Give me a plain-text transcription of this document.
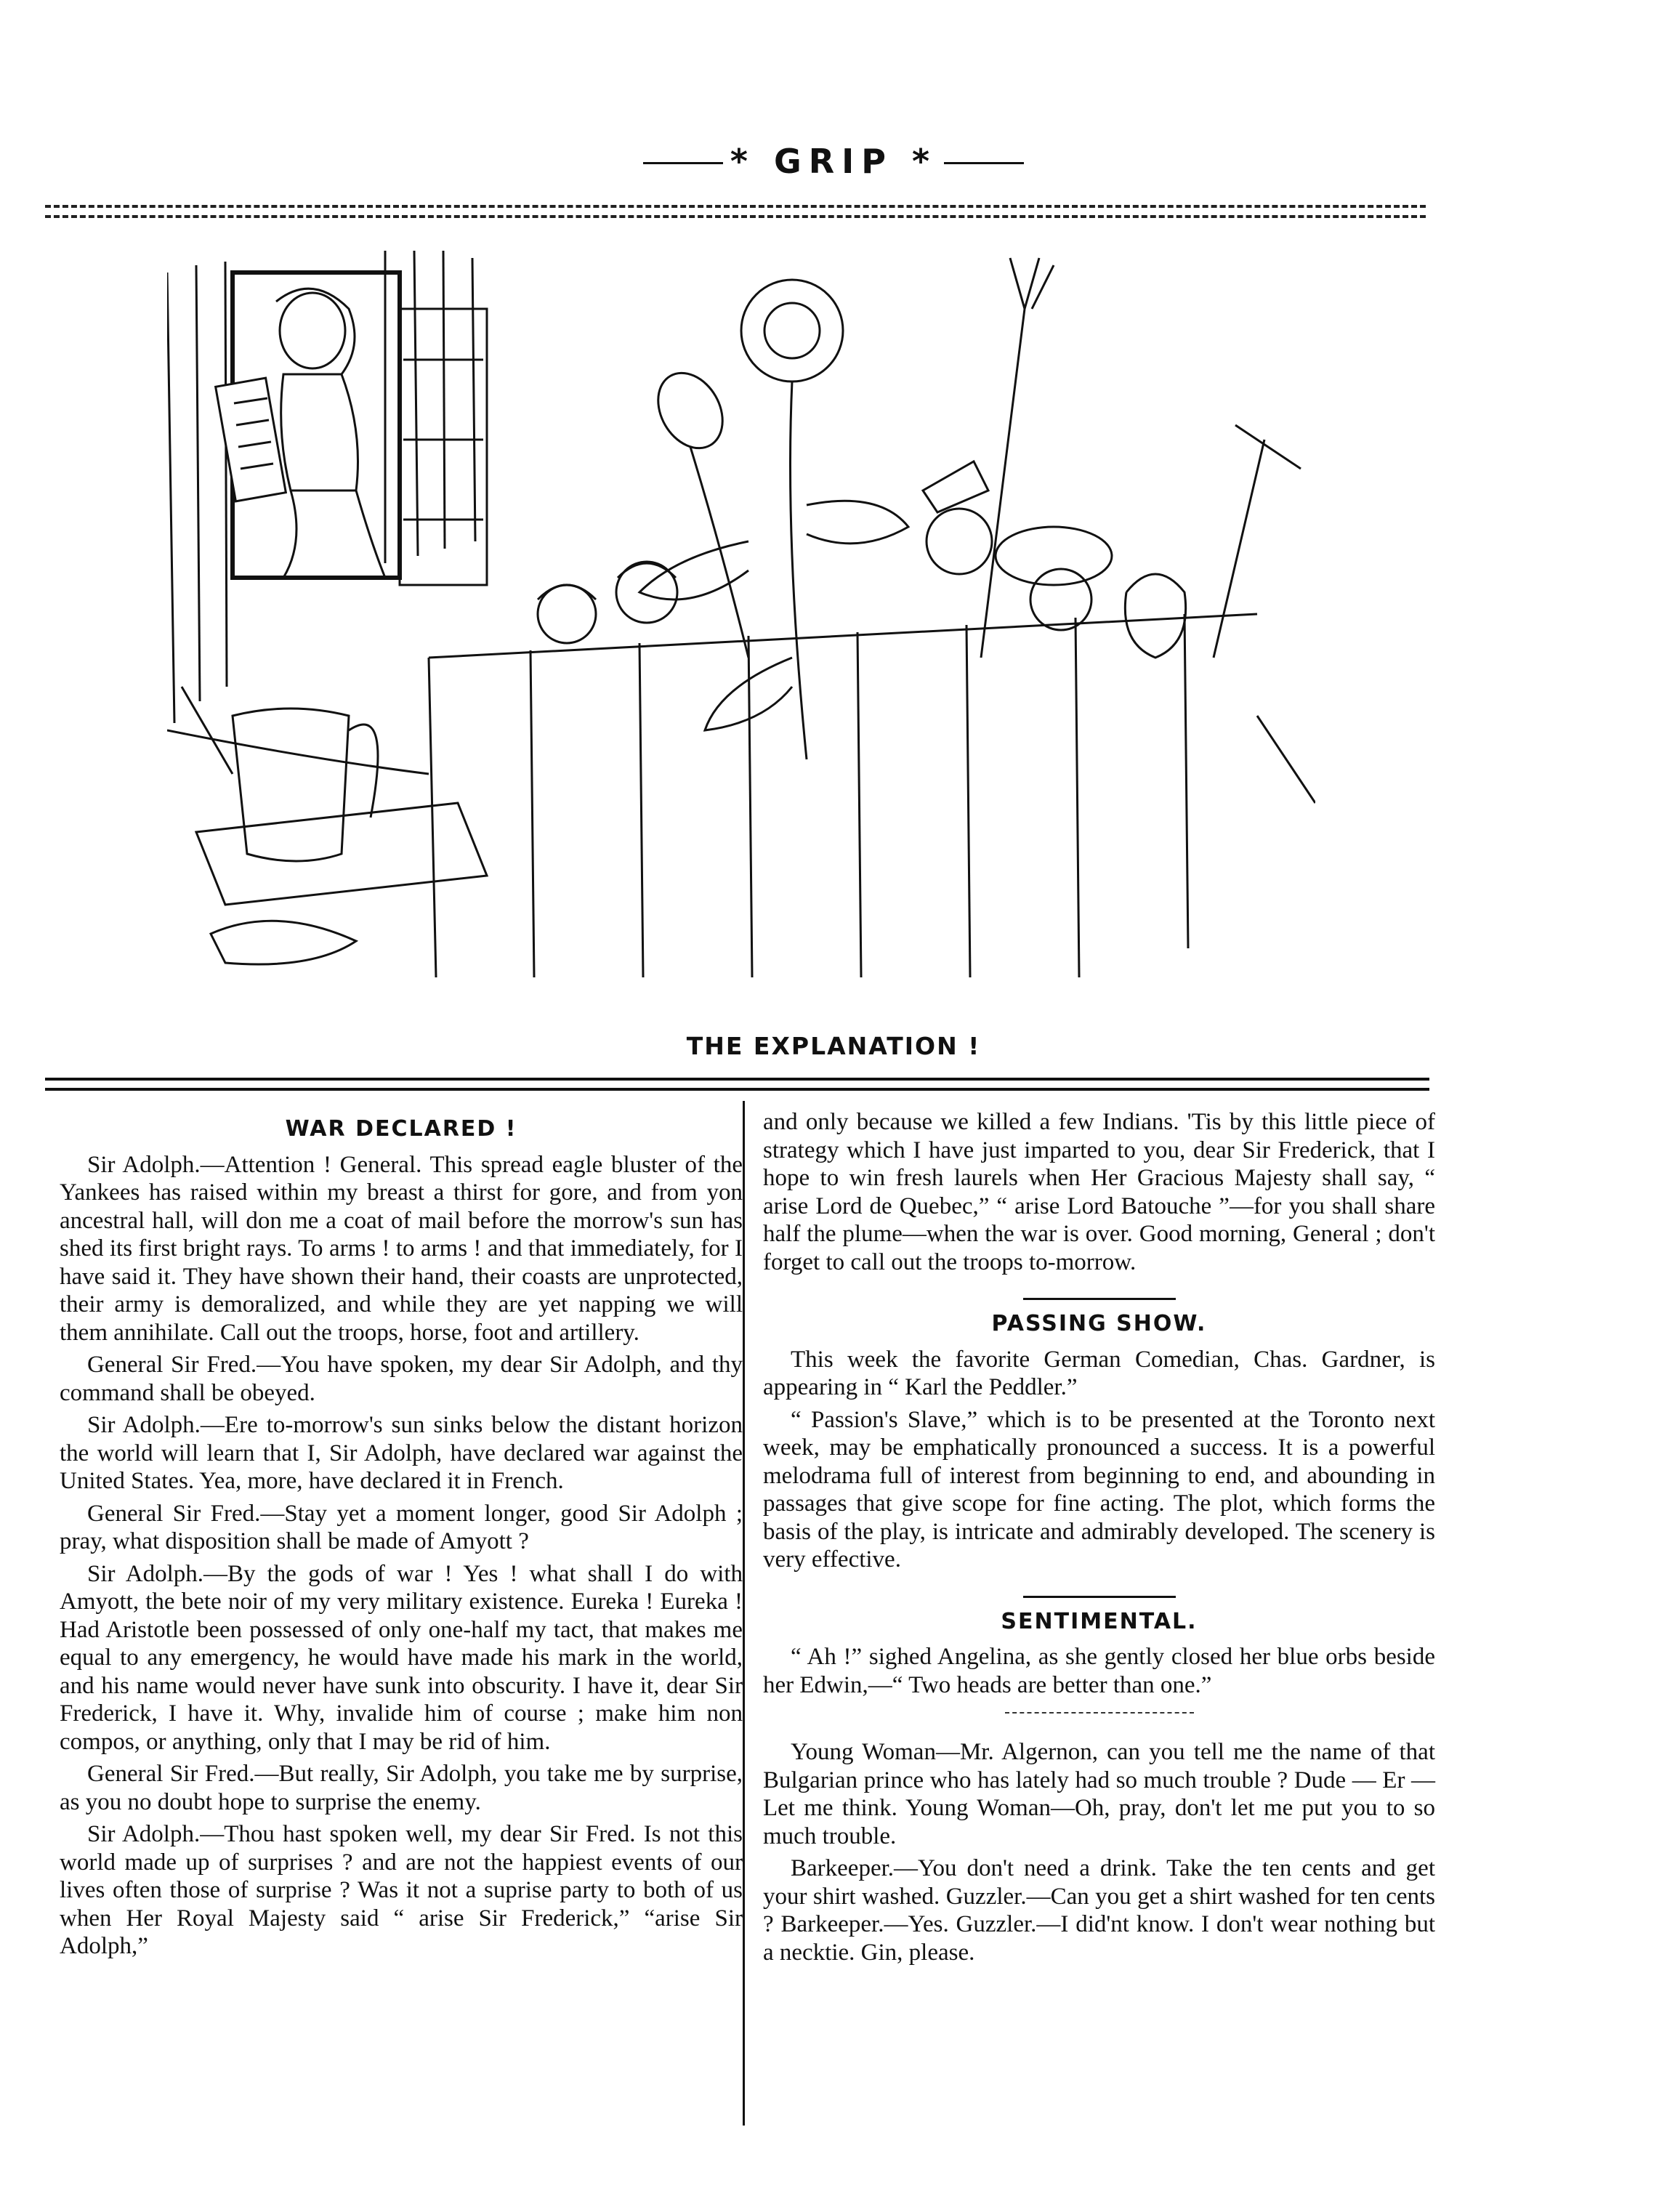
* GRIP *
THE EXPLANATION !
WAR DECLARED !

Sir Adolph.—Attention ! General. This spread eagle bluster of the Yankees has raised within my breast a thirst for gore, and from yon ancestral hall, will don me a coat of mail before the morrow's sun has shed its first bright rays. To arms ! to arms ! and that immediately, for I have said it. They have shown their hand, their coasts are unprotected, their army is demoralized, and while they are yet napping we will them annihilate. Call out the troops, horse, foot and artillery.

General Sir Fred.—You have spoken, my dear Sir Adolph, and thy command shall be obeyed.

Sir Adolph.—Ere to-morrow's sun sinks below the distant horizon the world will learn that I, Sir Adolph, have declared war against the United States. Yea, more, have declared it in French.

General Sir Fred.—Stay yet a moment longer, good Sir Adolph ; pray, what disposition shall be made of Amyott ?

Sir Adolph.—By the gods of war ! Yes ! what shall I do with Amyott, the bete noir of my very military existence. Eureka ! Eureka ! Had Aristotle been possessed of only one-half my tact, that makes me equal to any emergency, he would have made his mark in the world, and his name would never have sunk into obscurity. I have it, dear Sir Frederick, I have it. Why, invalide him of course ; make him non compos, or anything, only that I may be rid of him.

General Sir Fred.—But really, Sir Adolph, you take me by surprise, as you no doubt hope to surprise the enemy.

Sir Adolph.—Thou hast spoken well, my dear Sir Fred. Is not this world made up of surprises ? and are not the happiest events of our lives often those of surprise ? Was it not a suprise party to both of us when Her Royal Majesty said “ arise Sir Frederick,” “arise Sir Adolph,”

and only because we killed a few Indians. 'Tis by this little piece of strategy which I have just imparted to you, dear Sir Frederick, that I hope to win fresh laurels when Her Gracious Majesty shall say, “ arise Lord de Quebec,” “ arise Lord Batouche ”—for you shall share half the plume—when the war is over. Good morning, General ; don't forget to call out the troops to-morrow.

PASSING SHOW.

This week the favorite German Comedian, Chas. Gardner, is appearing in “ Karl the Peddler.”

“ Passion's Slave,” which is to be presented at the Toronto next week, may be emphatically pronounced a success. It is a powerful melodrama full of interest from beginning to end, and abounding in passages that give scope for fine acting. The plot, which forms the basis of the play, is intricate and admirably developed. The scenery is very effective.

SENTIMENTAL.

“ Ah !” sighed Angelina, as she gently closed her blue orbs beside her Edwin,—“ Two heads are better than one.”

Young Woman—Mr. Algernon, can you tell me the name of that Bulgarian prince who has lately had so much trouble ? Dude — Er — Let me think. Young Woman—Oh, pray, don't let me put you to so much trouble.

Barkeeper.—You don't need a drink. Take the ten cents and get your shirt washed. Guzzler.—Can you get a shirt washed for ten cents ? Barkeeper.—Yes. Guzzler.—I did'nt know. I don't wear nothing but a necktie. Gin, please.
